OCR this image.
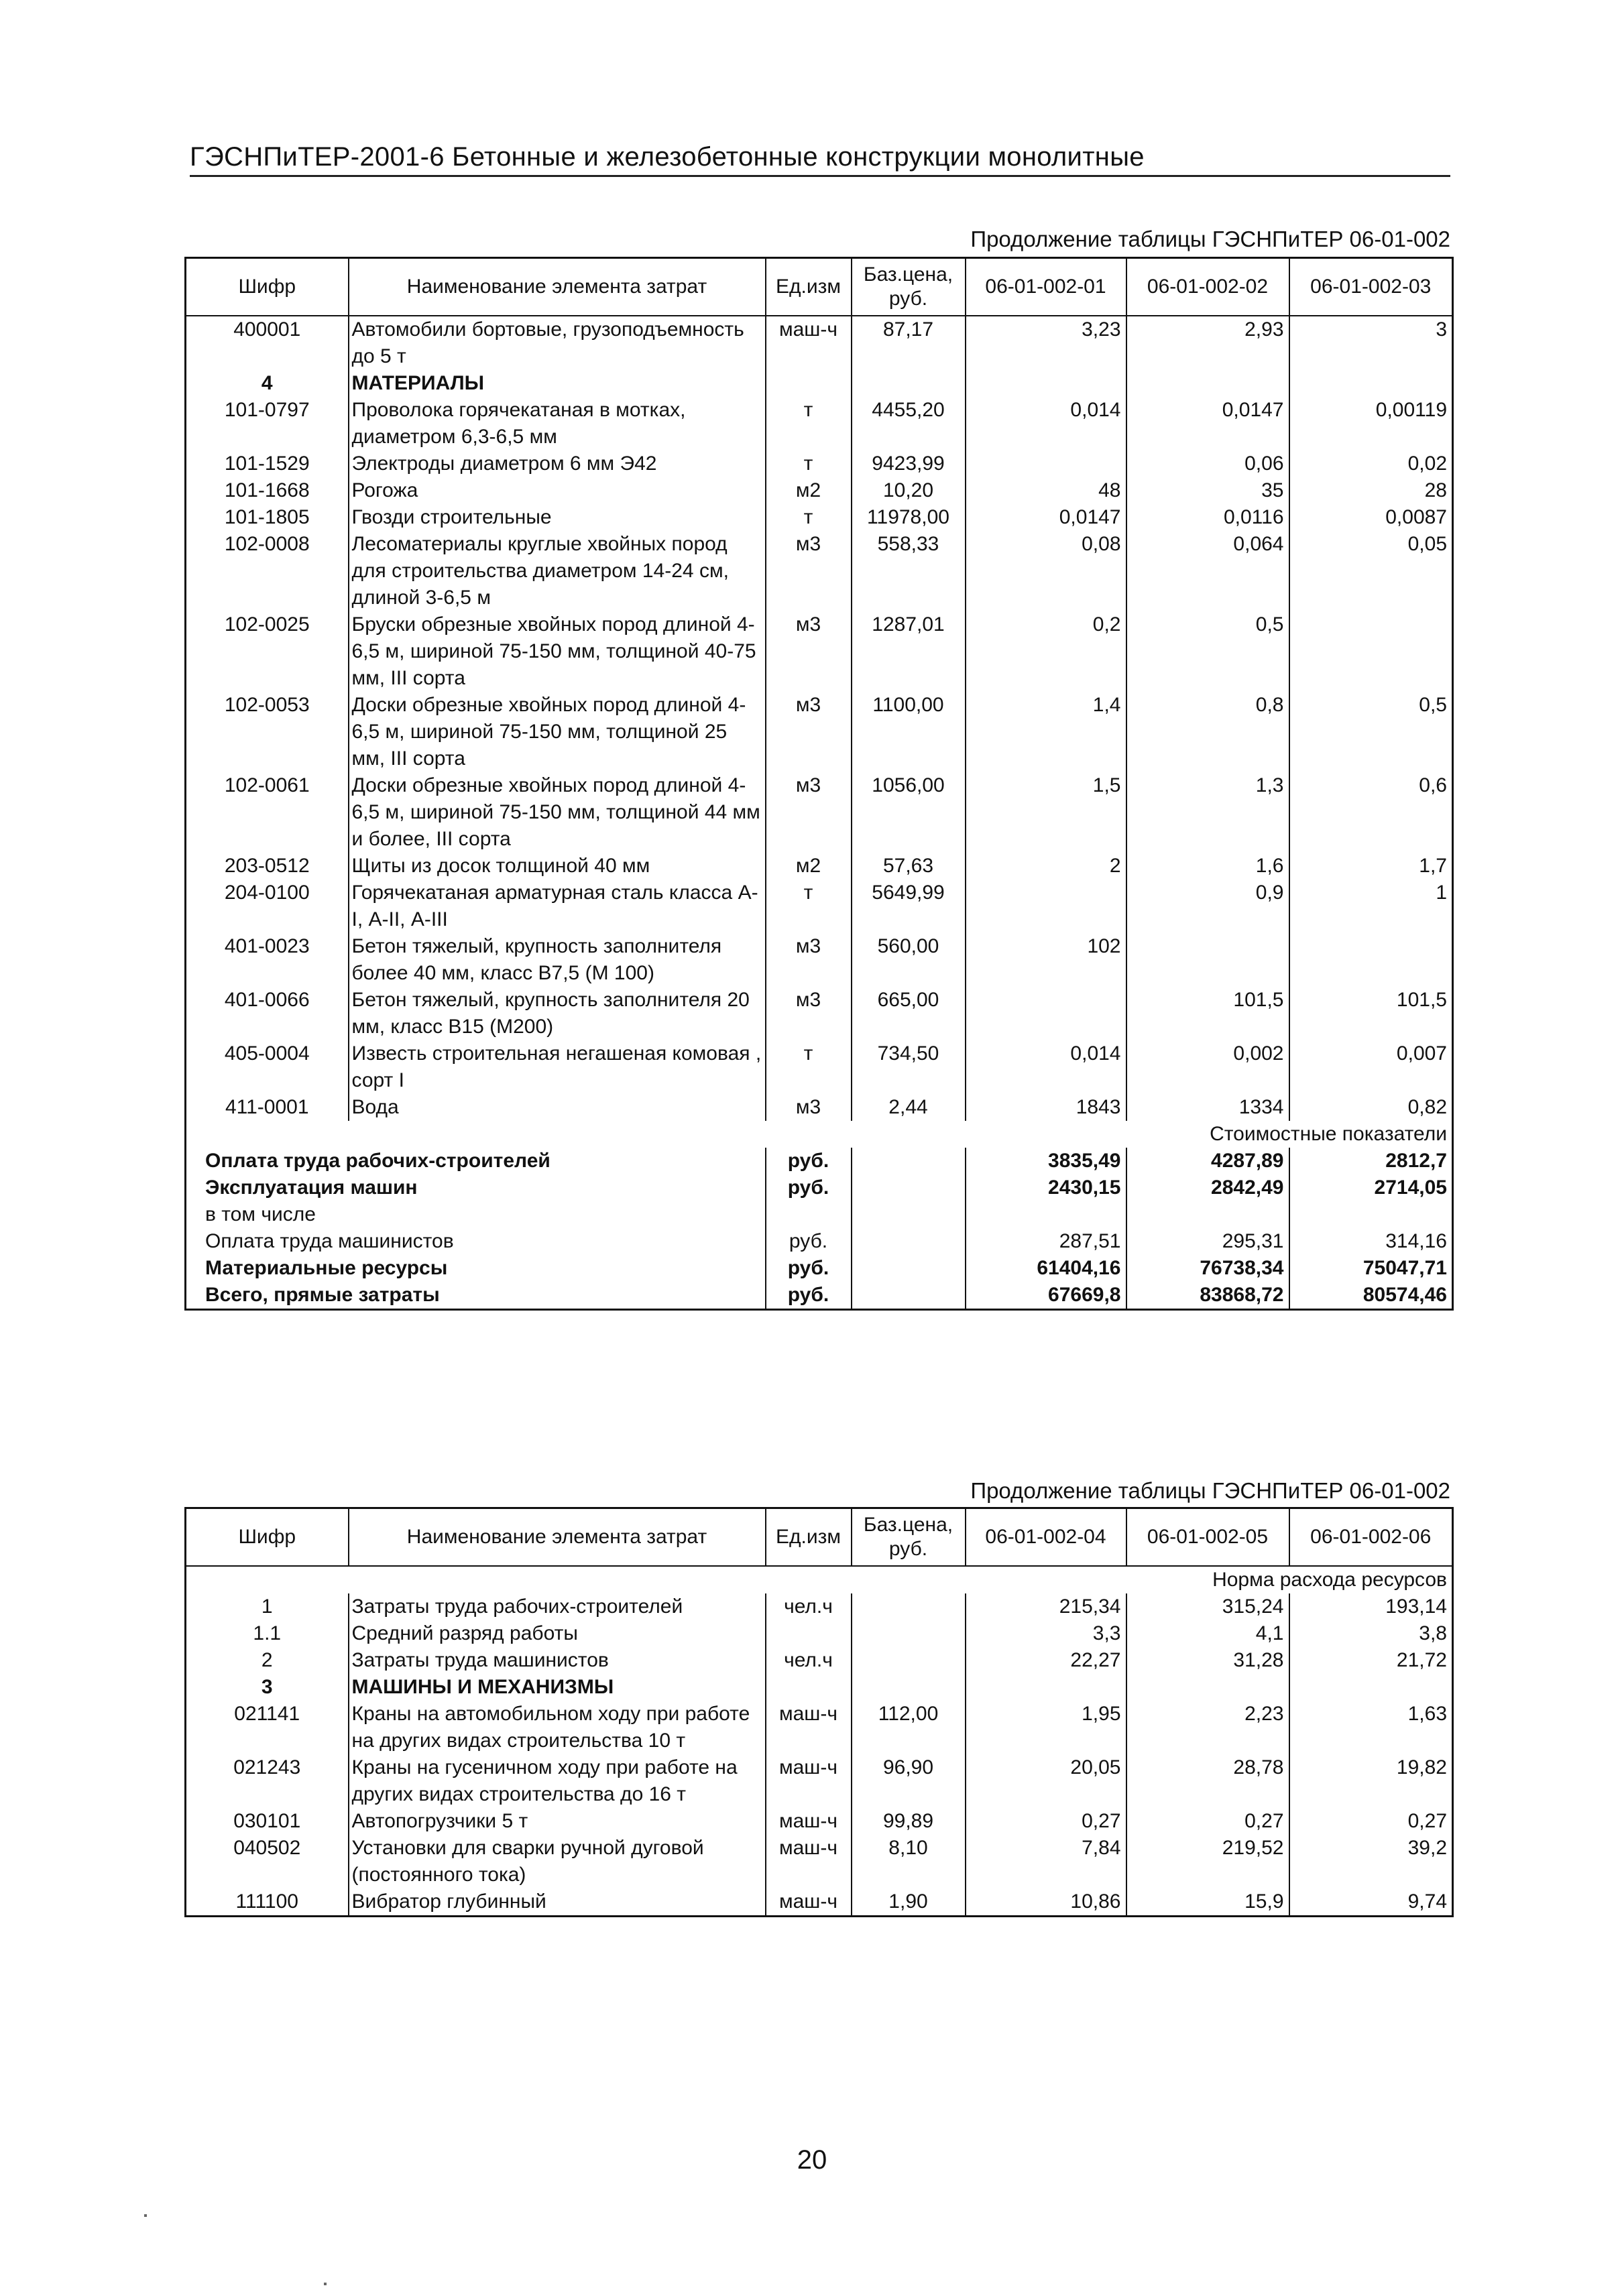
ГЭСНПиТЕР-2001-6 Бетонные и железобетонные конструкции монолитные
Продолжение таблицы ГЭСНПиТЕР 06-01-002
Шифр	Наименование элемента затрат	Ед.изм	Баз.цена, руб.	06-01-002-01	06-01-002-02	06-01-002-03
400001	Автомобили бортовые, грузоподъемность до 5 т	маш-ч	87,17	3,23	2,93	3
4	МАТЕРИАЛЫ					
101-0797	Проволока горячекатаная в мотках, диаметром 6,3-6,5 мм	т	4455,20	0,014	0,0147	0,00119
101-1529	Электроды диаметром 6 мм Э42	т	9423,99		0,06	0,02
101-1668	Рогожа	м2	10,20	48	35	28
101-1805	Гвозди строительные	т	11978,00	0,0147	0,0116	0,0087
102-0008	Лесоматериалы круглые хвойных пород для строительства диаметром 14-24 см, длиной 3-6,5 м	м3	558,33	0,08	0,064	0,05
102-0025	Бруски обрезные хвойных пород длиной 4-6,5 м, шириной 75-150 мм, толщиной 40-75 мм, III сорта	м3	1287,01	0,2	0,5	
102-0053	Доски обрезные хвойных пород длиной 4-6,5 м, шириной 75-150 мм, толщиной 25 мм, III сорта	м3	1100,00	1,4	0,8	0,5
102-0061	Доски обрезные хвойных пород длиной 4-6,5 м, шириной 75-150 мм, толщиной 44 мм и более, III сорта	м3	1056,00	1,5	1,3	0,6
203-0512	Щиты из досок толщиной 40 мм	м2	57,63	2	1,6	1,7
204-0100	Горячекатаная арматурная сталь класса А-I, А-II, А-III	т	5649,99		0,9	1
401-0023	Бетон тяжелый, крупность заполнителя более 40 мм, класс В7,5 (М 100)	м3	560,00	102		
401-0066	Бетон тяжелый, крупность заполнителя 20 мм, класс В15 (М200)	м3	665,00		101,5	101,5
405-0004	Известь строительная негашеная комовая , сорт I	т	734,50	0,014	0,002	0,007
411-0001	Вода	м3	2,44	1843	1334	0,82
Стоимостные показатели						
Оплата труда рабочих-строителей		руб.		3835,49	4287,89	2812,7
Эксплуатация машин		руб.		2430,15	2842,49	2714,05
в том числе						
Оплата труда машинистов		руб.		287,51	295,31	314,16
Материальные ресурсы		руб.		61404,16	76738,34	75047,71
Всего, прямые затраты		руб.		67669,8	83868,72	80574,46
Продолжение таблицы ГЭСНПиТЕР 06-01-002
Шифр	Наименование элемента затрат	Ед.изм	Баз.цена, руб.	06-01-002-04	06-01-002-05	06-01-002-06
Норма расхода ресурсов						
1	Затраты труда рабочих-строителей	чел.ч		215,34	315,24	193,14
1.1	Средний разряд работы			3,3	4,1	3,8
2	Затраты труда машинистов	чел.ч		22,27	31,28	21,72
3	МАШИНЫ И МЕХАНИЗМЫ					
021141	Краны на автомобильном ходу при работе на других видах строительства 10 т	маш-ч	112,00	1,95	2,23	1,63
021243	Краны на гусеничном ходу при работе на других видах строительства до 16 т	маш-ч	96,90	20,05	28,78	19,82
030101	Автопогрузчики 5 т	маш-ч	99,89	0,27	0,27	0,27
040502	Установки для сварки ручной дуговой (постоянного тока)	маш-ч	8,10	7,84	219,52	39,2
111100	Вибратор глубинный	маш-ч	1,90	10,86	15,9	9,74
20
